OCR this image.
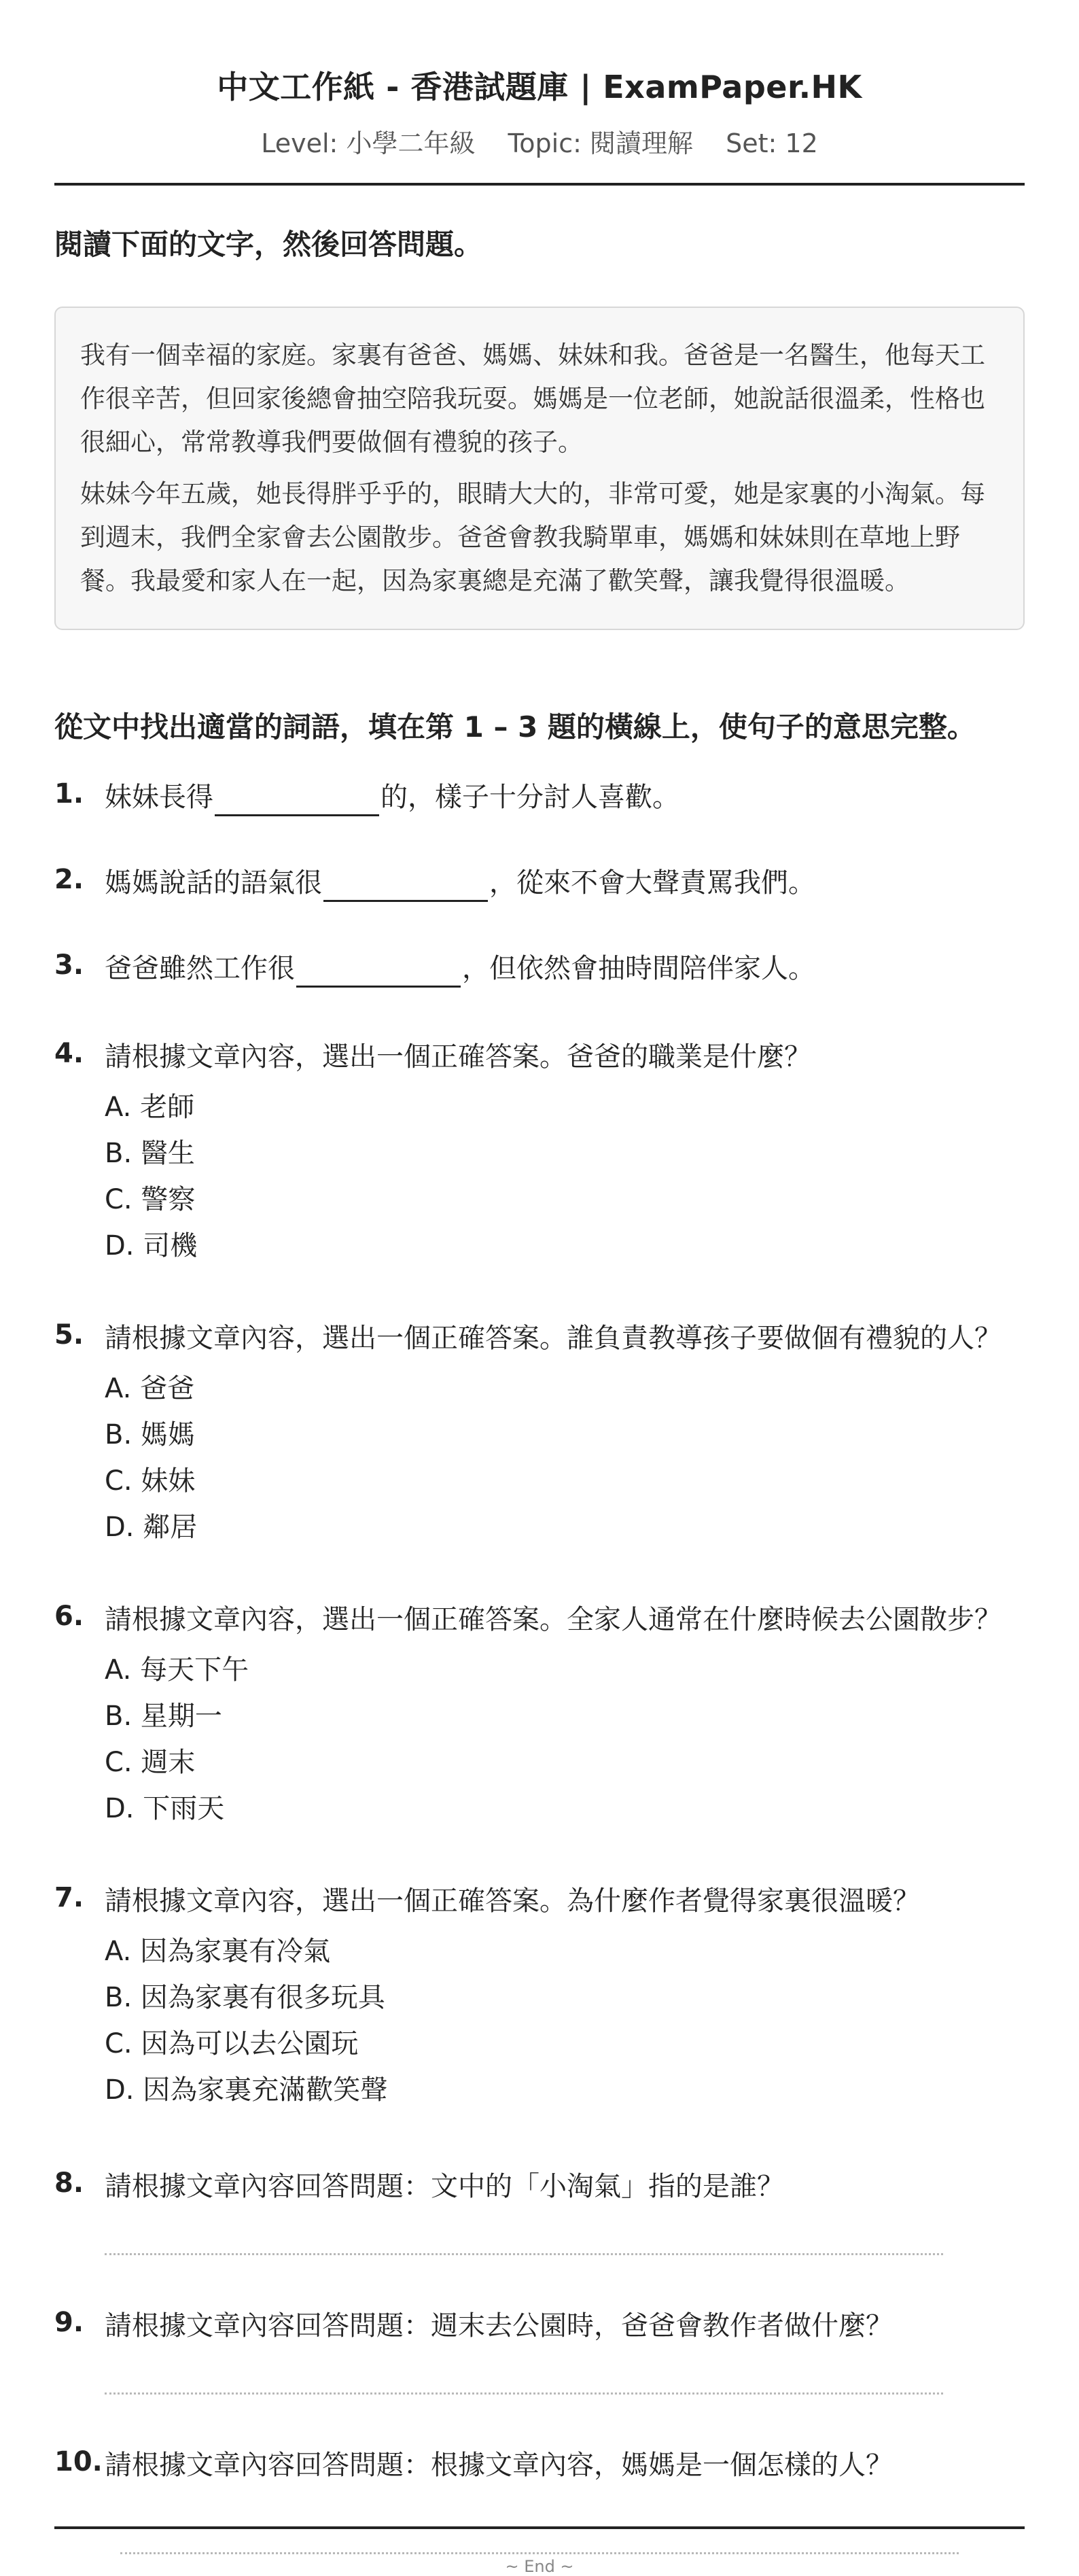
中文工作紙 - 香港試題庫 | ExamPaper.HK
Level: 小學二年級 Topic: 閱讀理解 Set: 12
閱讀下面的文字，然後回答問題。

我有一個幸福的家庭。家裏有爸爸、媽媽、妹妹和我。爸爸是一名醫生，他每天工作很辛苦，但回家後總會抽空陪我玩耍。媽媽是一位老師，她說話很溫柔，性格也很細心，常常教導我們要做個有禮貌的孩子。

妹妹今年五歲，她長得胖乎乎的，眼睛大大的，非常可愛，她是家裏的小淘氣。每到週末，我們全家會去公園散步。爸爸會教我騎單車，媽媽和妹妹則在草地上野餐。我最愛和家人在一起，因為家裏總是充滿了歡笑聲，讓我覺得很溫暖。

從文中找出適當的詞語，填在第 1 – 3 題的橫線上，使句子的意思完整。
1. 妹妹長得	的，樣子十分討人喜歡。
2. 媽媽說話的語氣很	，從來不會大聲責罵我們。
3. 爸爸雖然工作很	，但依然會抽時間陪伴家人。
4. 請根據文章內容，選出一個正確答案。爸爸的職業是什麼？
A. 老師
B. 醫生
C. 警察
D. 司機
5. 請根據文章內容，選出一個正確答案。誰負責教導孩子要做個有禮貌的人？
A. 爸爸
B. 媽媽
C. 妹妹
D. 鄰居
6. 請根據文章內容，選出一個正確答案。全家人通常在什麼時候去公園散步？
A. 每天下午
B. 星期一
C. 週末
D. 下雨天
7. 請根據文章內容，選出一個正確答案。為什麼作者覺得家裏很溫暖？
A. 因為家裏有冷氣
B. 因為家裏有很多玩具
C. 因為可以去公園玩
D. 因為家裏充滿歡笑聲
8. 請根據文章內容回答問題：文中的「小淘氣」指的是誰？
9. 請根據文章內容回答問題：週末去公園時，爸爸會教作者做什麼？
10. 請根據文章內容回答問題：根據文章內容，媽媽是一個怎樣的人？
~ End ~
